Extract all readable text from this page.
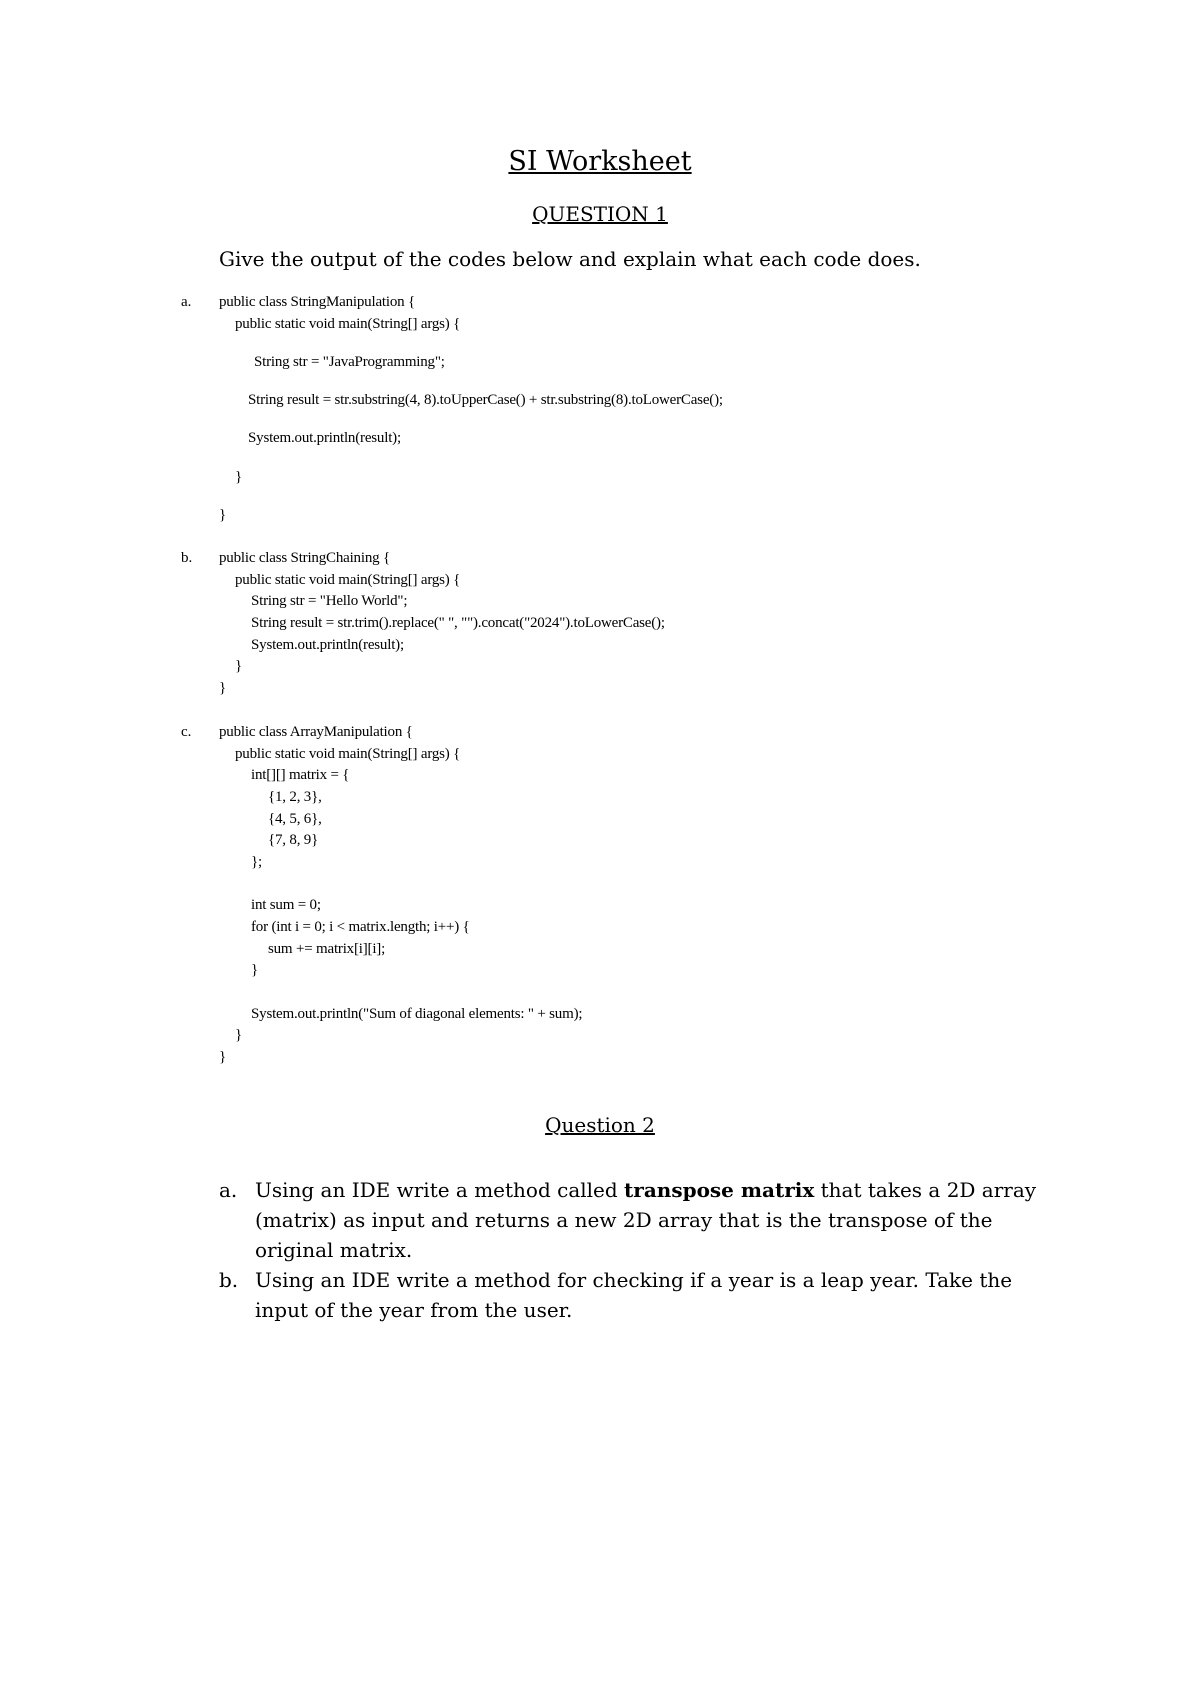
SI Worksheet
QUESTION 1
Give the output of the codes below and explain what each code does.
a. public class StringManipulation {
public static void main(String[] args) {
String str = "JavaProgramming";
String result = str.substring(4, 8).toUpperCase() + str.substring(8).toLowerCase();
System.out.println(result);
}
}
b. public class StringChaining {
public static void main(String[] args) {
String str = "Hello World";
String result = str.trim().replace(" ", "").concat("2024").toLowerCase();
System.out.println(result);
}
}
c. public class ArrayManipulation {
public static void main(String[] args) {
int[][] matrix = {
{1, 2, 3},
{4, 5, 6},
{7, 8, 9}
};
int sum = 0;
for (int i = 0; i < matrix.length; i++) {
sum += matrix[i][i];
}
System.out.println("Sum of diagonal elements: " + sum);
}
}
Question 2

a.

Using an IDE write a method called transpose matrix that takes a 2D array (matrix) as input and returns a new 2D array that is the transpose of the original matrix.

b.

Using an IDE write a method for checking if a year is a leap year. Take the input of the year from the user.
